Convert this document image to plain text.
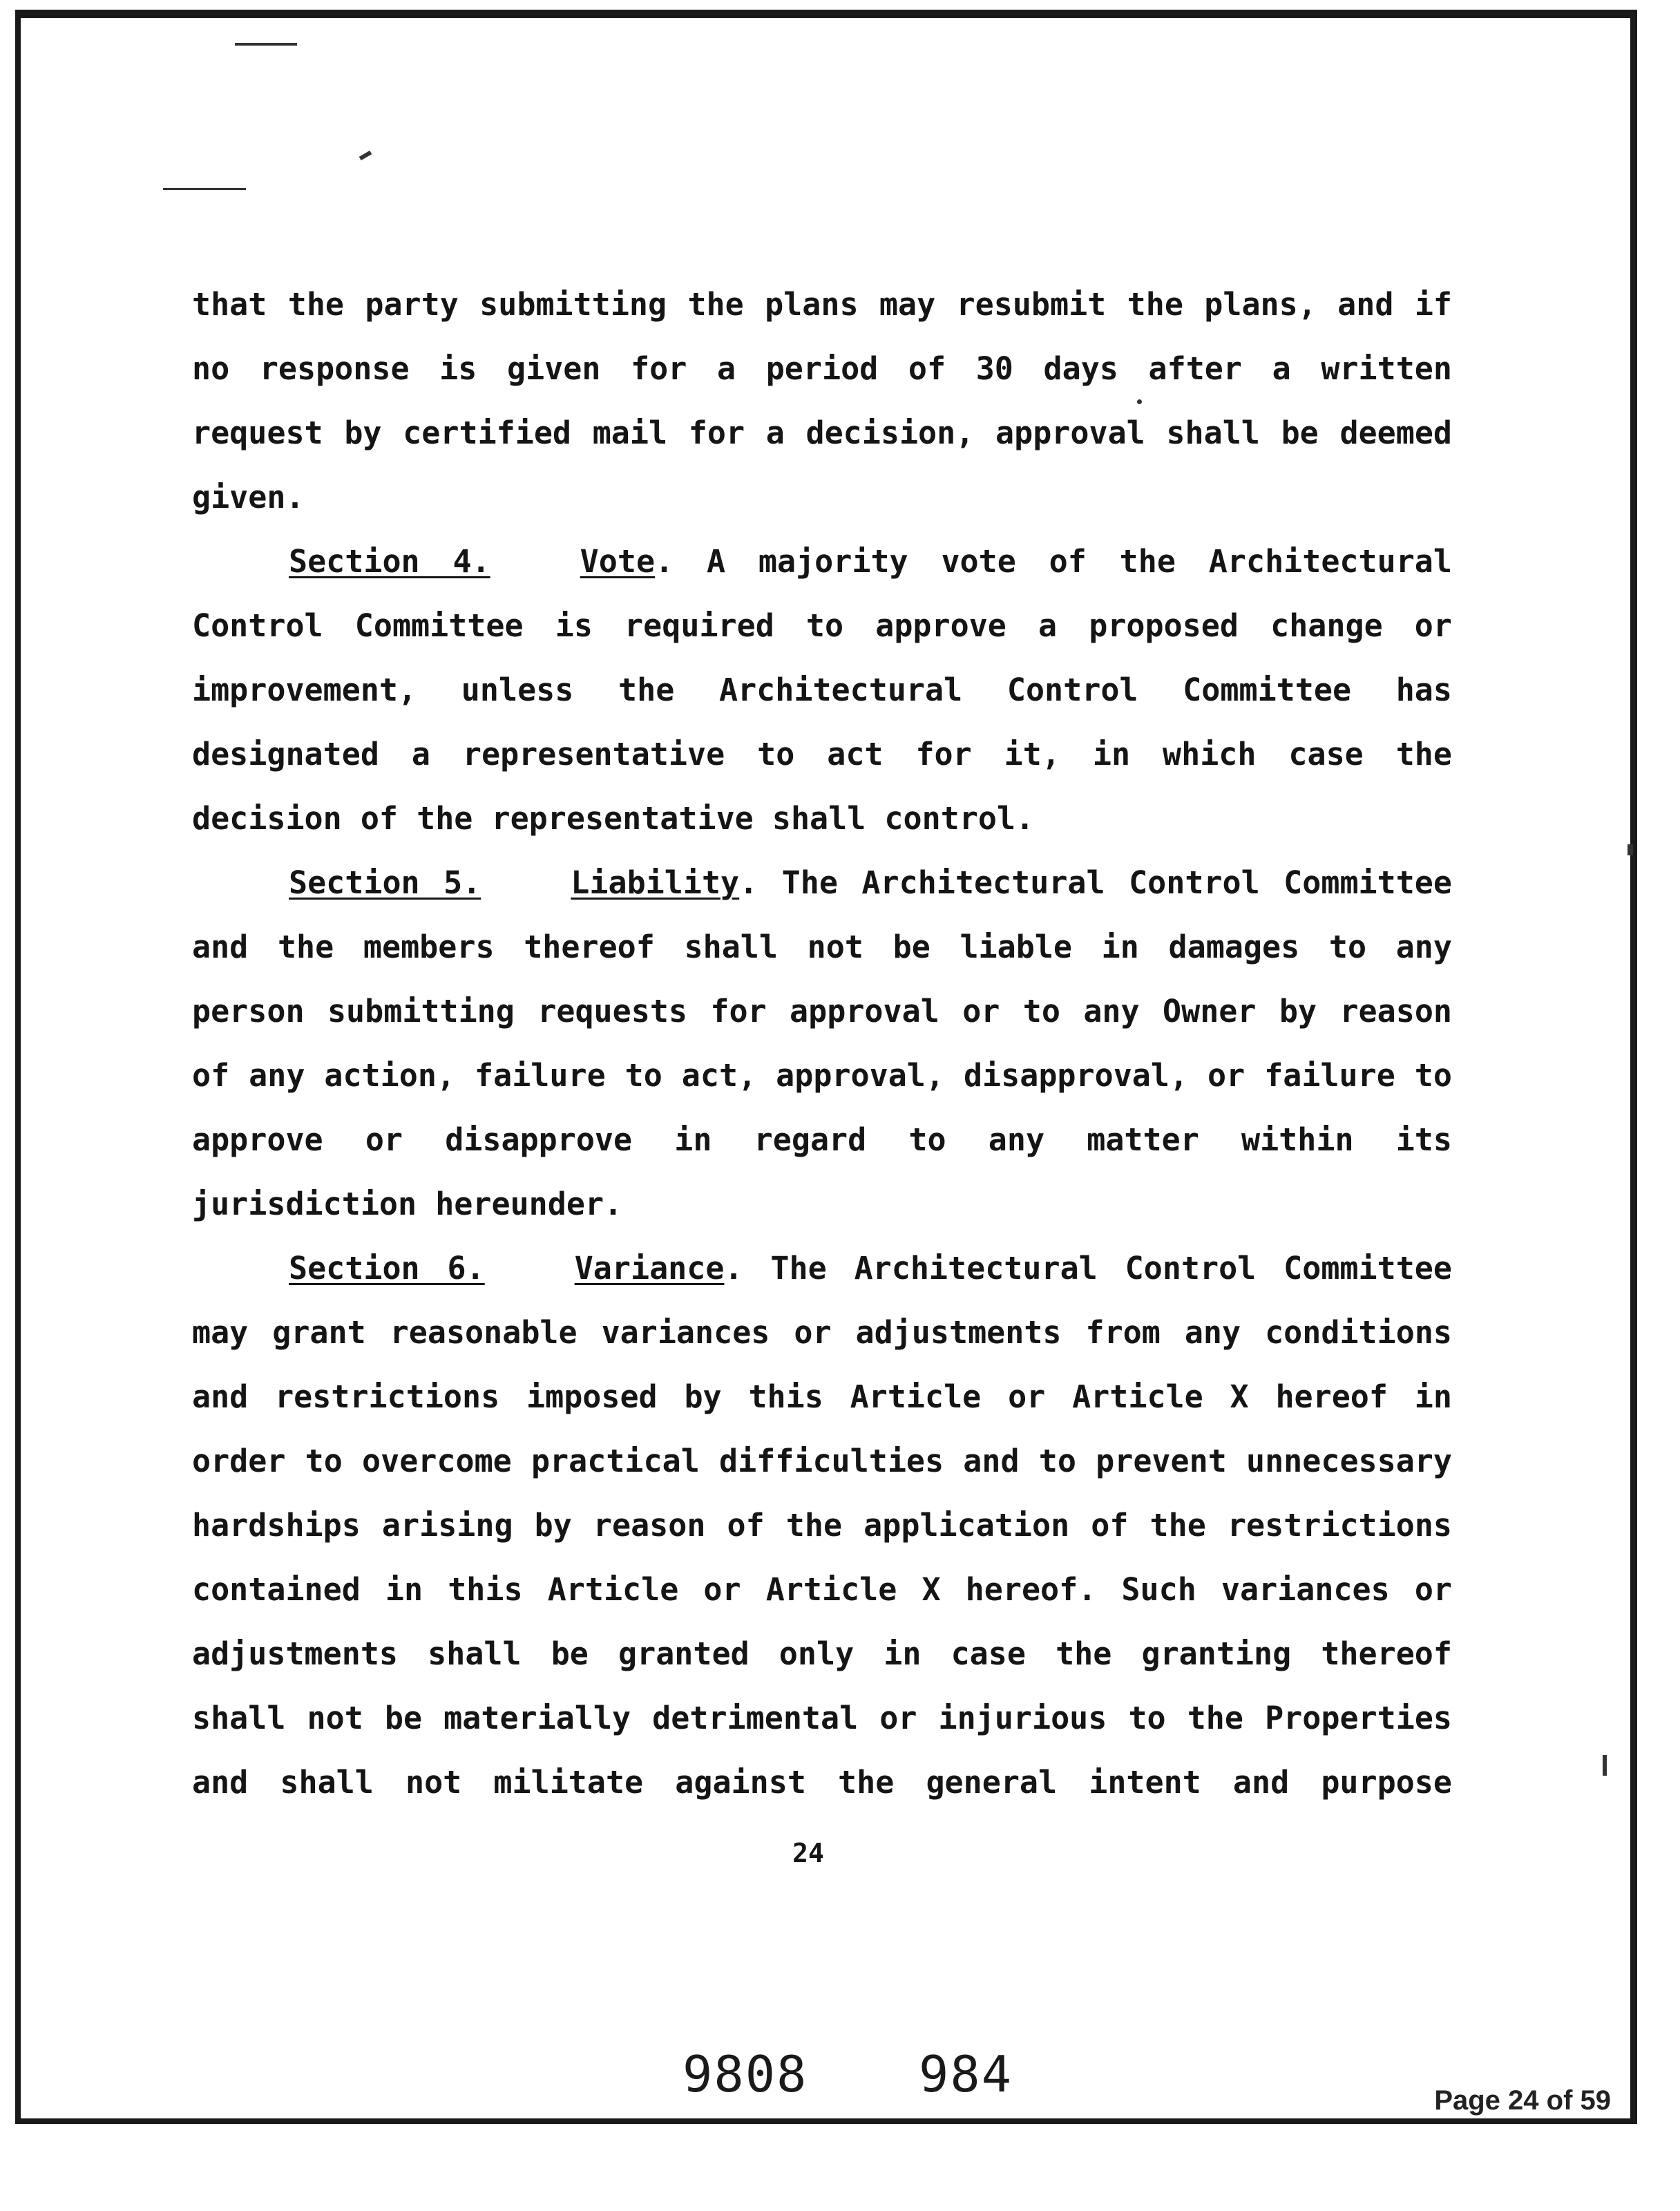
that the party submitting the plans may resubmit the plans, and if
no response is given for a period of 30 days after a written
request by certified mail for a decision, approval shall be deemed
given.
Section 4.	Vote. A majority vote of the Architectural
Control Committee is required to approve a proposed change or
improvement, unless the Architectural Control Committee has
designated a representative to act for it, in which case the
decision of the representative shall control.
Section 5.	Liability. The Architectural Control Committee
and the members thereof shall not be liable in damages to any
person submitting requests for approval or to any Owner by reason
of any action, failure to act, approval, disapproval, or failure to
approve or disapprove in regard to any matter within its
jurisdiction hereunder.
Section 6.	Variance. The Architectural Control Committee
may grant reasonable variances or adjustments from any conditions
and restrictions imposed by this Article or Article X hereof in
order to overcome practical difficulties and to prevent unnecessary
hardships arising by reason of the application of the restrictions
contained in this Article or Article X hereof. Such variances or
adjustments shall be granted only in case the granting thereof
shall not be materially detrimental or injurious to the Properties
and shall not militate against the general intent and purpose
24
9808 984	Page 24 of 59
